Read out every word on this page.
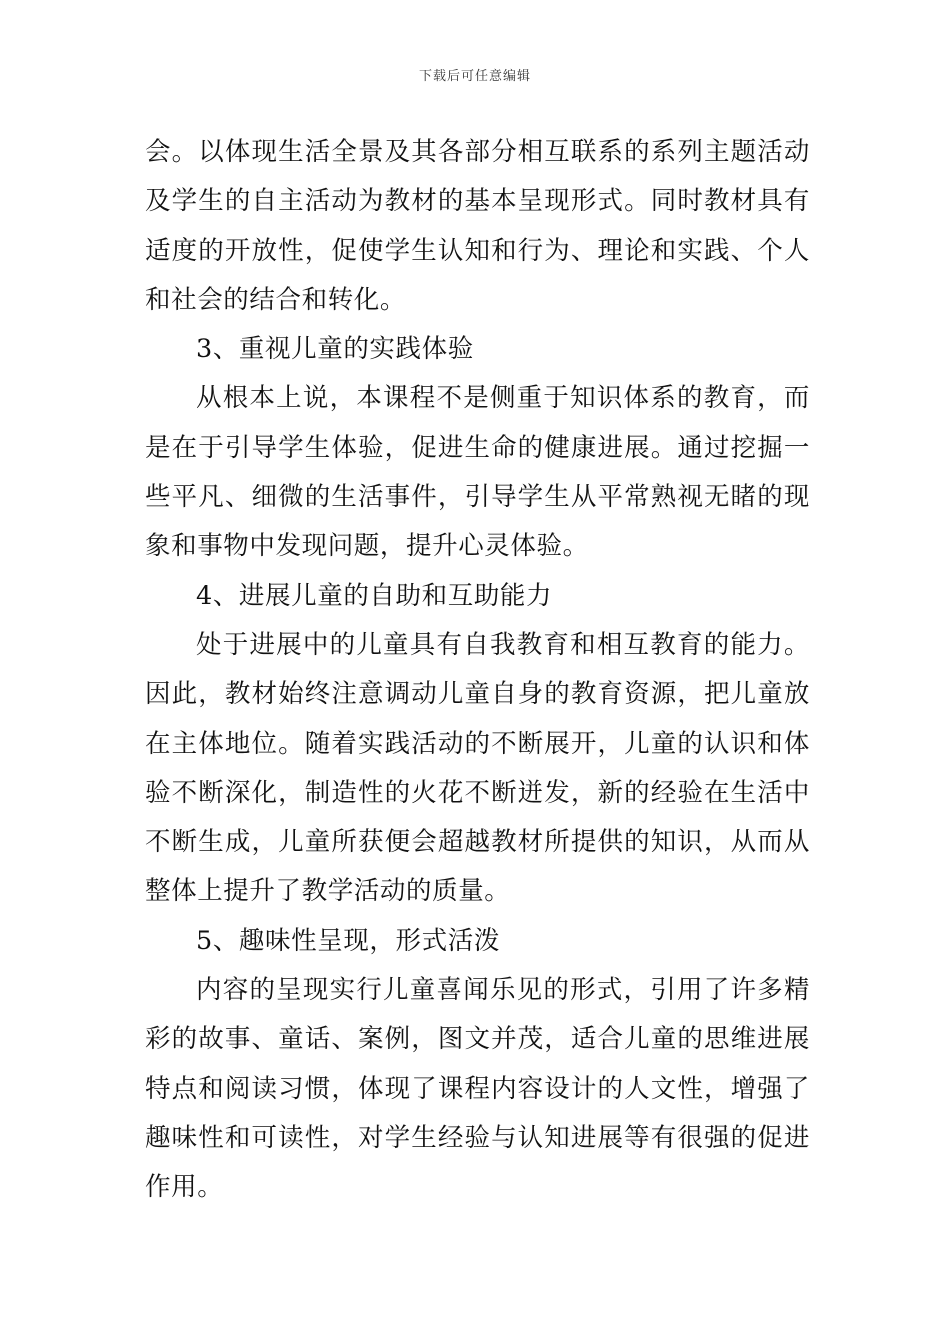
下载后可任意编辑

会。以体现生活全景及其各部分相互联系的系列主题活动及学生的自主活动为教材的基本呈现形式。同时教材具有适度的开放性，促使学生认知和行为、理论和实践、个人和社会的结合和转化。

3、重视儿童的实践体验

从根本上说，本课程不是侧重于知识体系的教育，而是在于引导学生体验，促进生命的健康进展。通过挖掘一些平凡、细微的生活事件，引导学生从平常熟视无睹的现象和事物中发现问题，提升心灵体验。

4、进展儿童的自助和互助能力

处于进展中的儿童具有自我教育和相互教育的能力。因此，教材始终注意调动儿童自身的教育资源，把儿童放在主体地位。随着实践活动的不断展开，儿童的认识和体验不断深化，制造性的火花不断迸发，新的经验在生活中不断生成，儿童所获便会超越教材所提供的知识，从而从整体上提升了教学活动的质量。

5、趣味性呈现，形式活泼

内容的呈现实行儿童喜闻乐见的形式，引用了许多精彩的故事、童话、案例，图文并茂，适合儿童的思维进展特点和阅读习惯，体现了课程内容设计的人文性，增强了趣味性和可读性，对学生经验与认知进展等有很强的促进作用。
